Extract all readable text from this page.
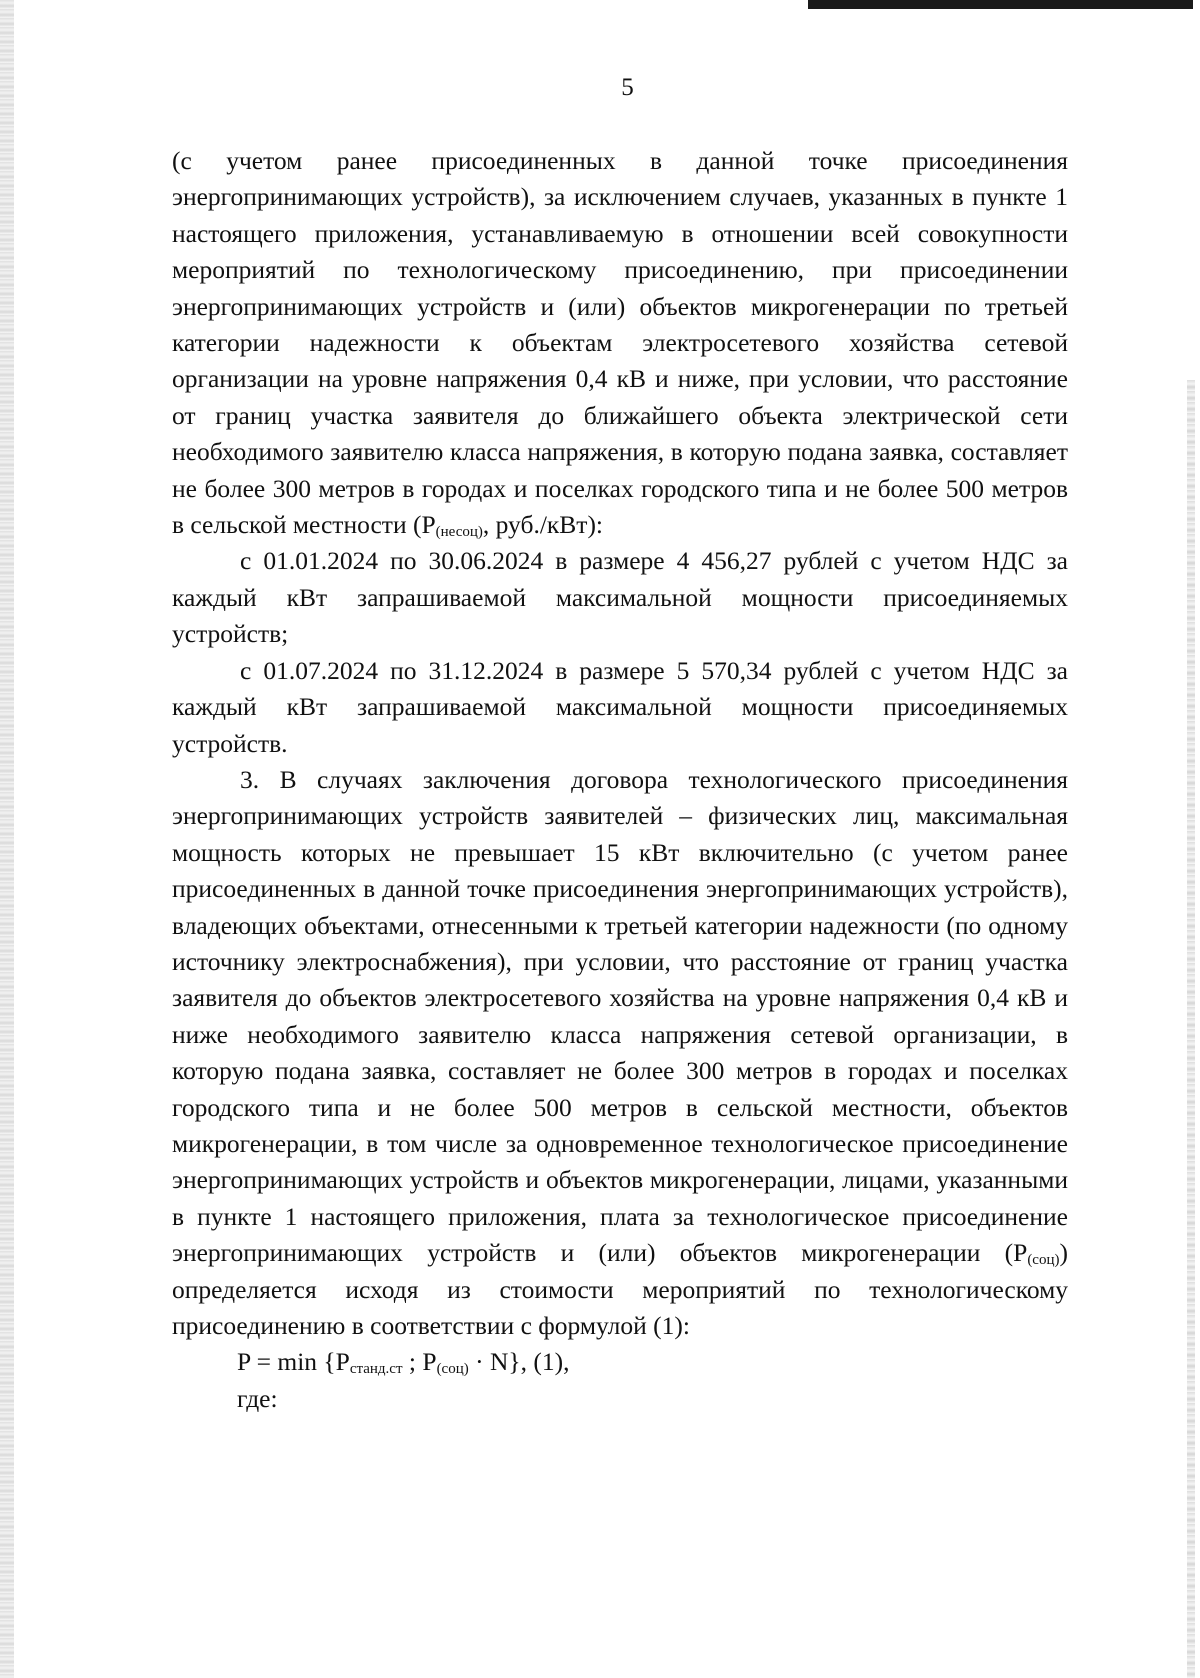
5

(с учетом ранее присоединенных в данной точке присоединения энергопринимающих устройств), за исключением случаев, указанных в пункте 1 настоящего приложения, устанавливаемую в отношении всей совокупности мероприятий по технологическому присоединению, при присоединении энергопринимающих устройств и (или) объектов микрогенерации по третьей категории надежности к объектам электросетевого хозяйства сетевой организации на уровне напряжения 0,4 кВ и ниже, при условии, что расстояние от границ участка заявителя до ближайшего объекта электрической сети необходимого заявителю класса напряжения, в которую подана заявка, составляет не более 300 метров в городах и поселках городского типа и не более 500 метров в сельской местности ($P_{(несоц)}$, руб./кВт):

с 01.01.2024 по 30.06.2024 в размере 4 456,27 рублей с учетом НДС за каждый кВт запрашиваемой максимальной мощности присоединяемых устройств;

с 01.07.2024 по 31.12.2024 в размере 5 570,34 рублей с учетом НДС за каждый кВт запрашиваемой максимальной мощности присоединяемых устройств.

3. В случаях заключения договора технологического присоединения энергопринимающих устройств заявителей – физических лиц, максимальная мощность которых не превышает 15 кВт включительно (с учетом ранее присоединенных в данной точке присоединения энергопринимающих устройств), владеющих объектами, отнесенными к третьей категории надежности (по одному источнику электроснабжения), при условии, что расстояние от границ участка заявителя до объектов электросетевого хозяйства на уровне напряжения 0,4 кВ и ниже необходимого заявителю класса напряжения сетевой организации, в которую подана заявка, составляет не более 300 метров в городах и поселках городского типа и не более 500 метров в сельской местности, объектов микрогенерации, в том числе за одновременное технологическое присоединение энергопринимающих устройств и объектов микрогенерации, лицами, указанными в пункте 1 настоящего приложения, плата за технологическое присоединение энергопринимающих устройств и (или) объектов микрогенерации $(P_{(соц)})$ определяется исходя из стоимости мероприятий по технологическому присоединению в соответствии с формулой (1):

$P = \min \{P_{станд.ст}$ ; $P_{(соц)} \cdot N$}, (1),

где:
